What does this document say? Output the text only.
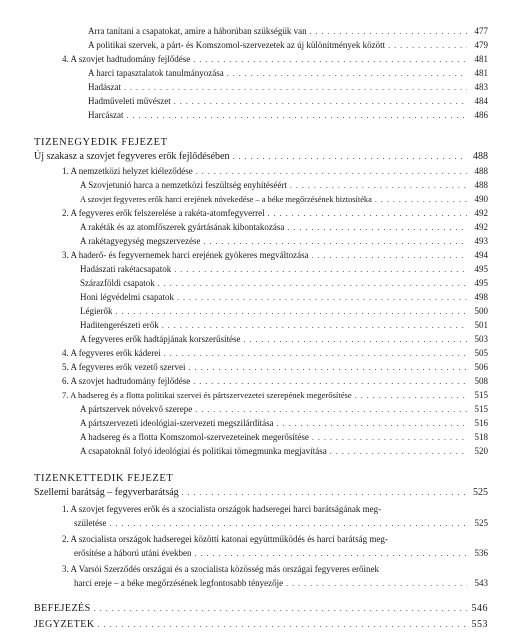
Arra tanítani a csapatokat, amire a háborúban szükségük van . . .	477
A politikai szervek, a párt- és Komszomol-szervezetek az új különítmények között . . .	479
4. A szovjet hadtudomány fejlődése . . .	481
A harci tapasztalatok tanulmányozása . . .	481
Hadászat . . .	483
Hadműveleti művészet . . .	484
Harcászat . . .	486
TIZENEGYEDIK FEJEZET
Új szakasz a szovjet fegyveres erők fejlődésében . . .	488
1. A nemzetközi helyzet kiéleződése . . .	488
A Szovjetunió harca a nemzetközi feszültség enyhítéséért . . .	488
A szovjet fegyveres erők harci erejének növekedése – a béke megőrzésének biztosítéka . . .	490
2. A fegyveres erők felszerelése a rakéta-atomfegyverrel . . .	492
A rakéták és az atomfőszerek gyártásának kibontakozása . . .	492
A rakétagyegység megszervezése . . .	493
3. A haderő- és fegyvernemek harci erejének gyökeres megváltozása . . .	494
Hadászati rakétacsapatok . . .	495
Szárazföldi csapatok . . .	495
Honi légvédelmi csapatok . . .	498
Légierők . . .	500
Haditengerészeti erők . . .	501
A fegyveres erők hadtápjának korszerűsítése . . .	503
4. A fegyveres erők káderei . . .	505
5. A fegyveres erők vezető szervei . . .	506
6. A szovjet hadtudomány fejlődése . . .	508
7. A hadsereg és a flotta politikai szervei és pártszervezetei szerepének megerősítése . . .	515
A pártszervek növekvő szerepe . . .	515
A pártszervezeti ideológiai-szervezeti megszilárdítása . . .	516
A hadsereg és a flotta Komszomol-szervezeteinek megerősítése . . .	518
A csapatoknál folyó ideológiai és politikai tömegmunka megjavítása . . .	520
TIZENKETTEDIK FEJEZET
Szellemi barátság – fegyverbarátság . . .	525
1. A szovjet fegyveres erők és a szocialista országok hadseregei harci barátságának meg-
születése . . .	525
2. A szocialista országok hadseregei közötti katonai együttműködés és harci barátság meg-
erősítése a háború utáni években . . .	536
3. A Varsói Szerződés országai és a szocialista közösség más országai fegyveres erőinek
harci ereje – a béke megőrzésének legfontosabb tényezője . . .	543
BEFEJEZÉS . . .	546
JEGYZETEK . . .	553
